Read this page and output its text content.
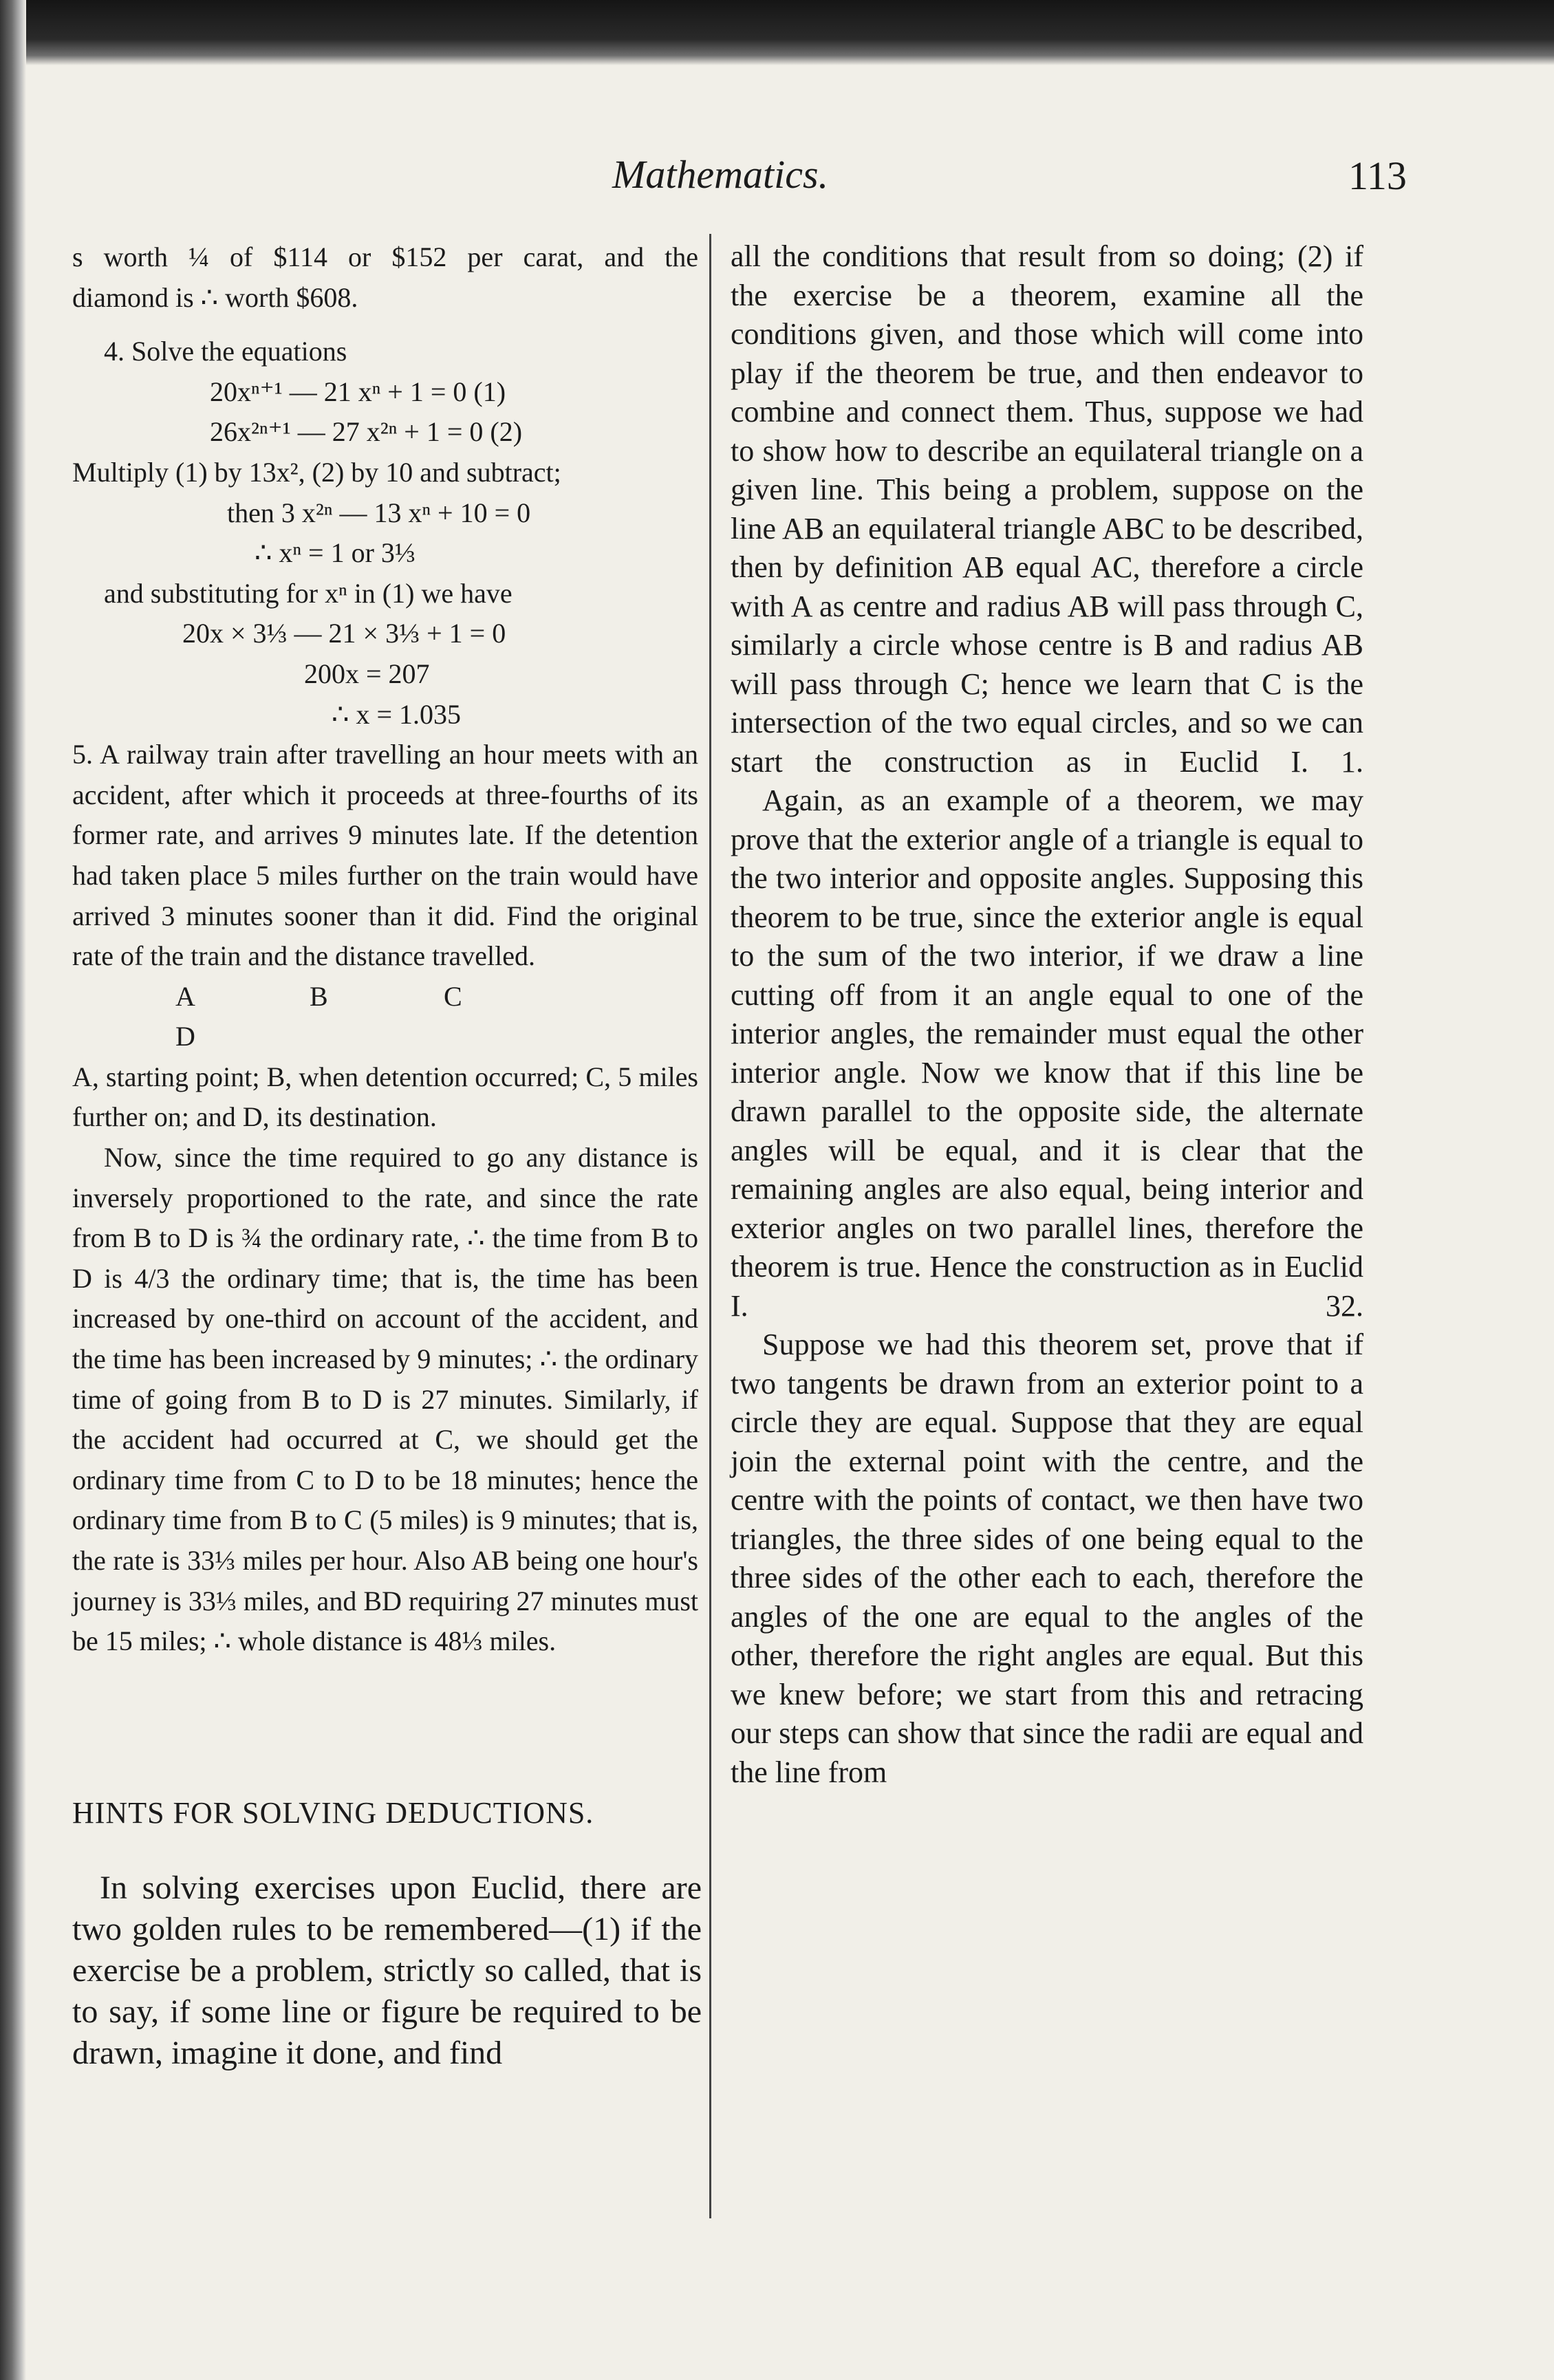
Mathematics.	113

s worth ¼ of $114 or $152 per carat, and the

diamond is ∴ worth $608.

4. Solve the equations

20xⁿ⁺¹ — 21 xⁿ + 1 = 0 (1)
26x²ⁿ⁺¹ — 27 x²ⁿ + 1 = 0 (2)

Multiply (1) by 13x², (2) by 10 and subtract;

then 3 x²ⁿ — 13 xⁿ + 10 = 0
∴ xⁿ = 1 or 3⅓

and substituting for xⁿ in (1) we have

20x × 3⅓ — 21 × 3⅓ + 1 = 0
200x = 207
∴ x = 1.035

5. A railway train after travelling an hour meets with an accident, after which it proceeds at three-fourths of its former rate, and arrives 9 minutes late. If the detention had taken place 5 miles further on the train would have arrived 3 minutes sooner than it did. Find the original rate of the train and the distance travelled.

A	B	CD

A, starting point; B, when detention occurred; C, 5 miles further on; and D, its destination.

Now, since the time required to go any distance is inversely proportioned to the rate, and since the rate from B to D is ¾ the ordinary rate, ∴ the time from B to D is 4/3 the ordinary time; that is, the time has been increased by one-third on account of the accident, and the time has been increased by 9 minutes; ∴ the ordinary time of going from B to D is 27 minutes. Similarly, if the accident had occurred at C, we should get the ordinary time from C to D to be 18 minutes; hence the ordinary time from B to C (5 miles) is 9 minutes; that is, the rate is 33⅓ miles per hour. Also AB being one hour's journey is 33⅓ miles, and BD requiring 27 minutes must be 15 miles; ∴ whole distance is 48⅓ miles.

HINTS FOR SOLVING DEDUCTIONS.

In solving exercises upon Euclid, there are two golden rules to be remembered—(1) if the exercise be a problem, strictly so called, that is to say, if some line or figure be required to be drawn, imagine it done, and find

all the conditions that result from so doing; (2) if the exercise be a theorem, examine all the conditions given, and those which will come into play if the theorem be true, and then endeavor to combine and connect them. Thus, suppose we had to show how to describe an equilateral triangle on a given line. This being a problem, suppose on the line AB an equilateral triangle ABC to be described, then by definition AB equal AC, therefore a circle with A as centre and radius AB will pass through C, similarly a circle whose centre is B and radius AB will pass through C; hence we learn that C is the intersection of the two equal circles, and so we can start the construction as in Euclid I. 1.

Again, as an example of a theorem, we may prove that the exterior angle of a triangle is equal to the two interior and opposite angles. Supposing this theorem to be true, since the exterior angle is equal to the sum of the two interior, if we draw a line cutting off from it an angle equal to one of the interior angles, the remainder must equal the other interior angle. Now we know that if this line be drawn parallel to the opposite side, the alternate angles will be equal, and it is clear that the remaining angles are also equal, being interior and exterior angles on two parallel lines, therefore the theorem is true. Hence the construction as in Euclid I. 32.

Suppose we had this theorem set, prove that if two tangents be drawn from an exterior point to a circle they are equal. Suppose that they are equal join the external point with the centre, and the centre with the points of contact, we then have two triangles, the three sides of one being equal to the three sides of the other each to each, therefore the angles of the one are equal to the angles of the other, therefore the right angles are equal. But this we knew before; we start from this and retracing our steps can show that since the radii are equal and the line from
